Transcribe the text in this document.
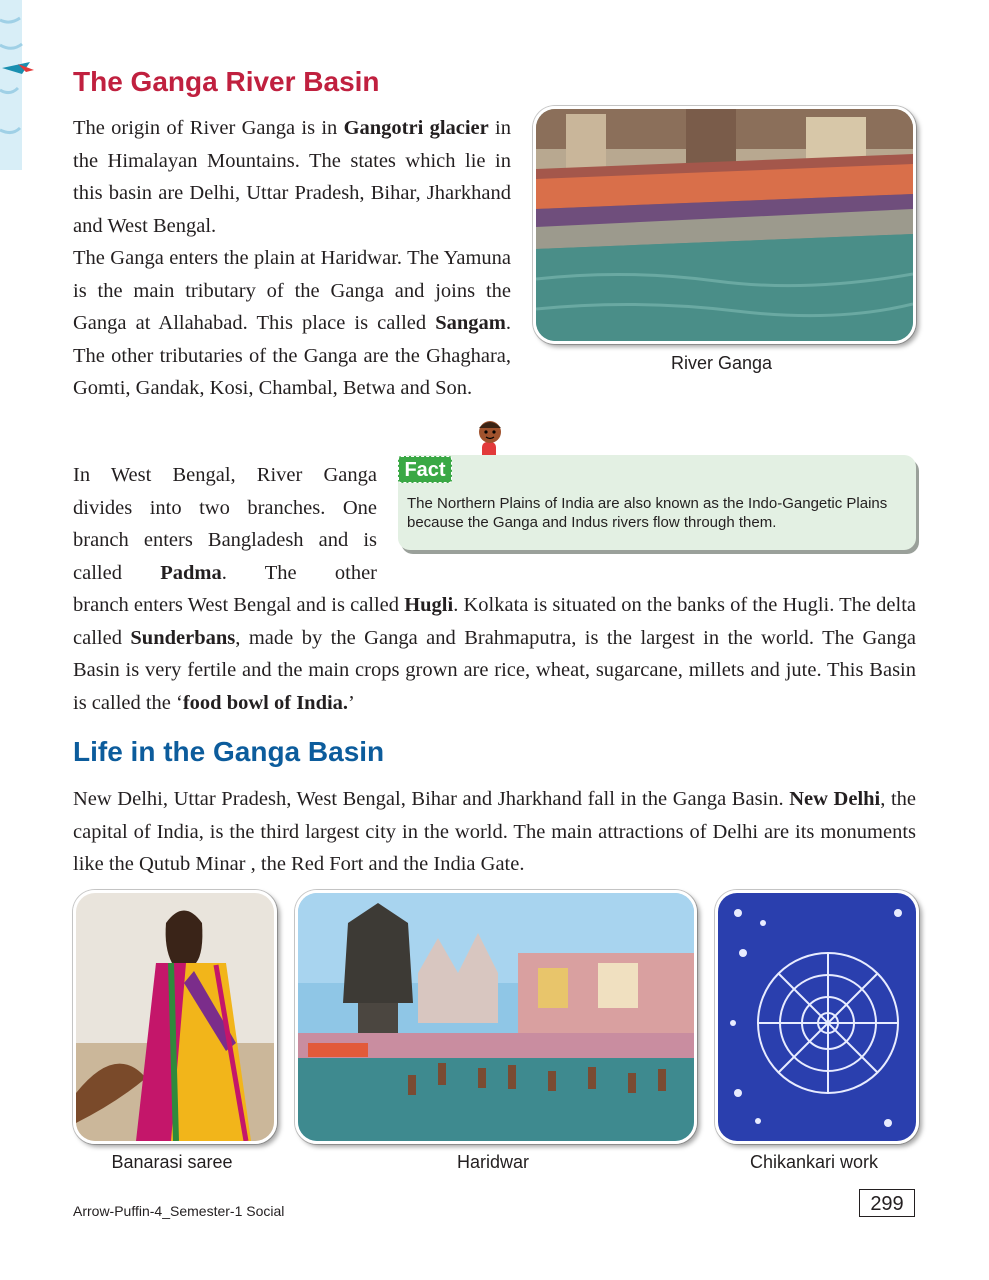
The Ganga River Basin

The origin of River Ganga is in Gangotri glacier in the Himalayan Mountains. The states which lie in this basin are Delhi, Uttar Pradesh, Bihar, Jharkhand and West Bengal.

The Ganga enters the plain at Haridwar. The Yamuna is the main tributary of the Ganga and joins the Ganga at Allahabad. This place is called Sangam. The other tributaries of the Ganga are the Ghaghara, Gomti, Gandak, Kosi, Chambal, Betwa and Son.

River Ganga
Fact

The Northern Plains of India are also known as the Indo-Gangetic Plains because the Ganga and Indus rivers flow through them.

In West Bengal, River Ganga divides into two branches. One branch enters Bangladesh and is called Padma. The other

branch enters West Bengal and is called Hugli. Kolkata is situated on the banks of the Hugli. The delta called Sunderbans, made by the Ganga and Brahmaputra, is the largest in the world. The Ganga Basin is very fertile and the main crops grown are rice, wheat, sugarcane, millets and jute. This Basin is called the ‘food bowl of India.’

Life in the Ganga Basin

New Delhi, Uttar Pradesh, West Bengal, Bihar and Jharkhand fall in the Ganga Basin. New Delhi, the capital of India, is the third largest city in the world. The main attractions of Delhi are its monuments like the Qutub Minar , the Red Fort and the India Gate.

Banarasi saree	Haridwar	Chikankari work
Arrow-Puffin-4_Semester-1 Social	299
